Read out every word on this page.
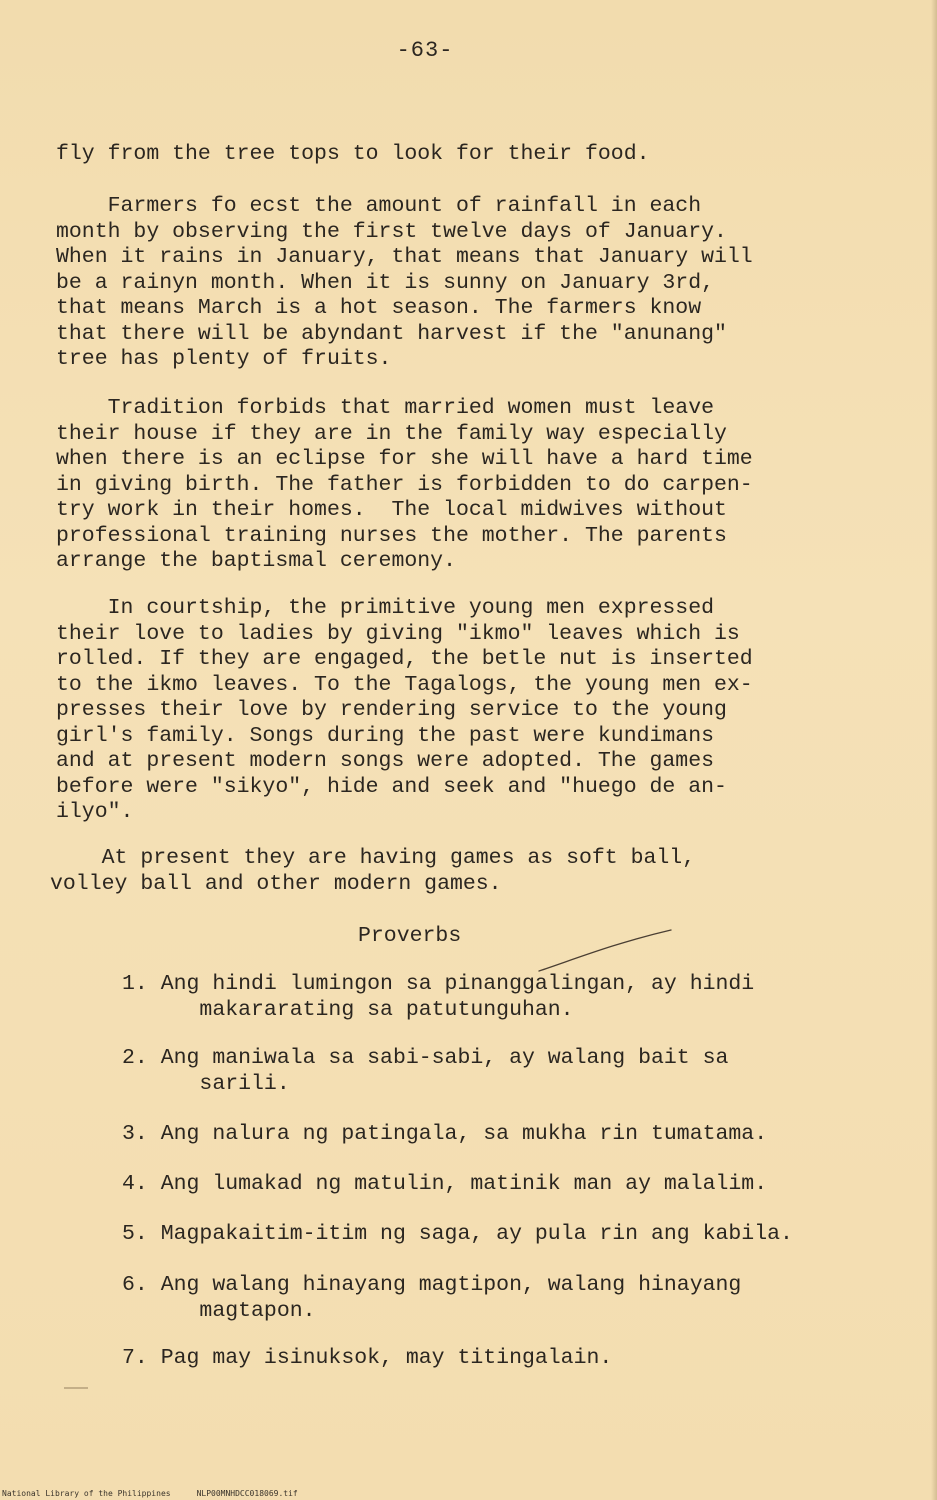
-63-

fly from the tree tops to look for their food.

Farmers fo ecst the amount of rainfall in each
month by observing the first twelve days of January.
When it rains in January, that means that January will
be a rainyn month. When it is sunny on January 3rd,
that means March is a hot season. The farmers know
that there will be abyndant harvest if the "anunang"
tree has plenty of fruits.

Tradition forbids that married women must leave
their house if they are in the family way especially
when there is an eclipse for she will have a hard time
in giving birth. The father is forbidden to do carpen-
try work in their homes.  The local midwives without
professional training nurses the mother. The parents
arrange the baptismal ceremony.

In courtship, the primitive young men expressed
their love to ladies by giving "ikmo" leaves which is
rolled. If they are engaged, the betle nut is inserted
to the ikmo leaves. To the Tagalogs, the young men ex-
presses their love by rendering service to the young
girl's family. Songs during the past were kundimans
and at present modern songs were adopted. The games
before were "sikyo", hide and seek and "huego de an-
ilyo".

At present they are having games as soft ball,
volley ball and other modern games.

Proverbs

1. Ang hindi lumingon sa pinanggalingan, ay hindi
makararating sa patutunguhan.

2. Ang maniwala sa sabi-sabi, ay walang bait sa
sarili.

3. Ang nalura ng patingala, sa mukha rin tumatama.

4. Ang lumakad ng matulin, matinik man ay malalim.

5. Magpakaitim-itim ng saga, ay pula rin ang kabila.

6. Ang walang hinayang magtipon, walang hinayang
magtapon.

7. Pag may isinuksok, may titingalain.

National Library of the Philippines	NLP00MNHDCC018069.tif
